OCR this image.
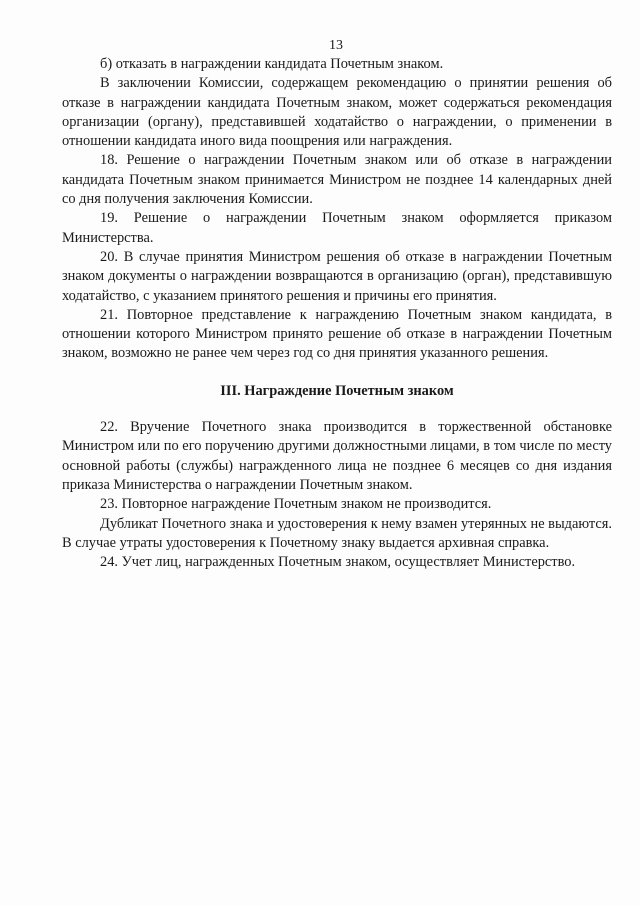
13

б) отказать в награждении кандидата Почетным знаком.

В заключении Комиссии, содержащем рекомендацию о принятии решения об отказе в награждении кандидата Почетным знаком, может содержаться рекомендация организации (органу), представившей ходатайство о награждении, о применении в отношении кандидата иного вида поощрения или награждения.

18. Решение о награждении Почетным знаком или об отказе в награждении кандидата Почетным знаком принимается Министром не позднее 14 календарных дней со дня получения заключения Комиссии.

19. Решение о награждении Почетным знаком оформляется приказом Министерства.

20. В случае принятия Министром решения об отказе в награждении Почетным знаком документы о награждении возвращаются в организацию (орган), представившую ходатайство, с указанием принятого решения и причины его принятия.

21. Повторное представление к награждению Почетным знаком кандидата, в отношении которого Министром принято решение об отказе в награждении Почетным знаком, возможно не ранее чем через год со дня принятия указанного решения.

III. Награждение Почетным знаком

22. Вручение Почетного знака производится в торжественной обстановке Министром или по его поручению другими должностными лицами, в том числе по месту основной работы (службы) награжденного лица не позднее 6 месяцев со дня издания приказа Министерства о награждении Почетным знаком.

23. Повторное награждение Почетным знаком не производится.

Дубликат Почетного знака и удостоверения к нему взамен утерянных не выдаются. В случае утраты удостоверения к Почетному знаку выдается архивная справка.

24. Учет лиц, награжденных Почетным знаком, осуществляет Министерство.
